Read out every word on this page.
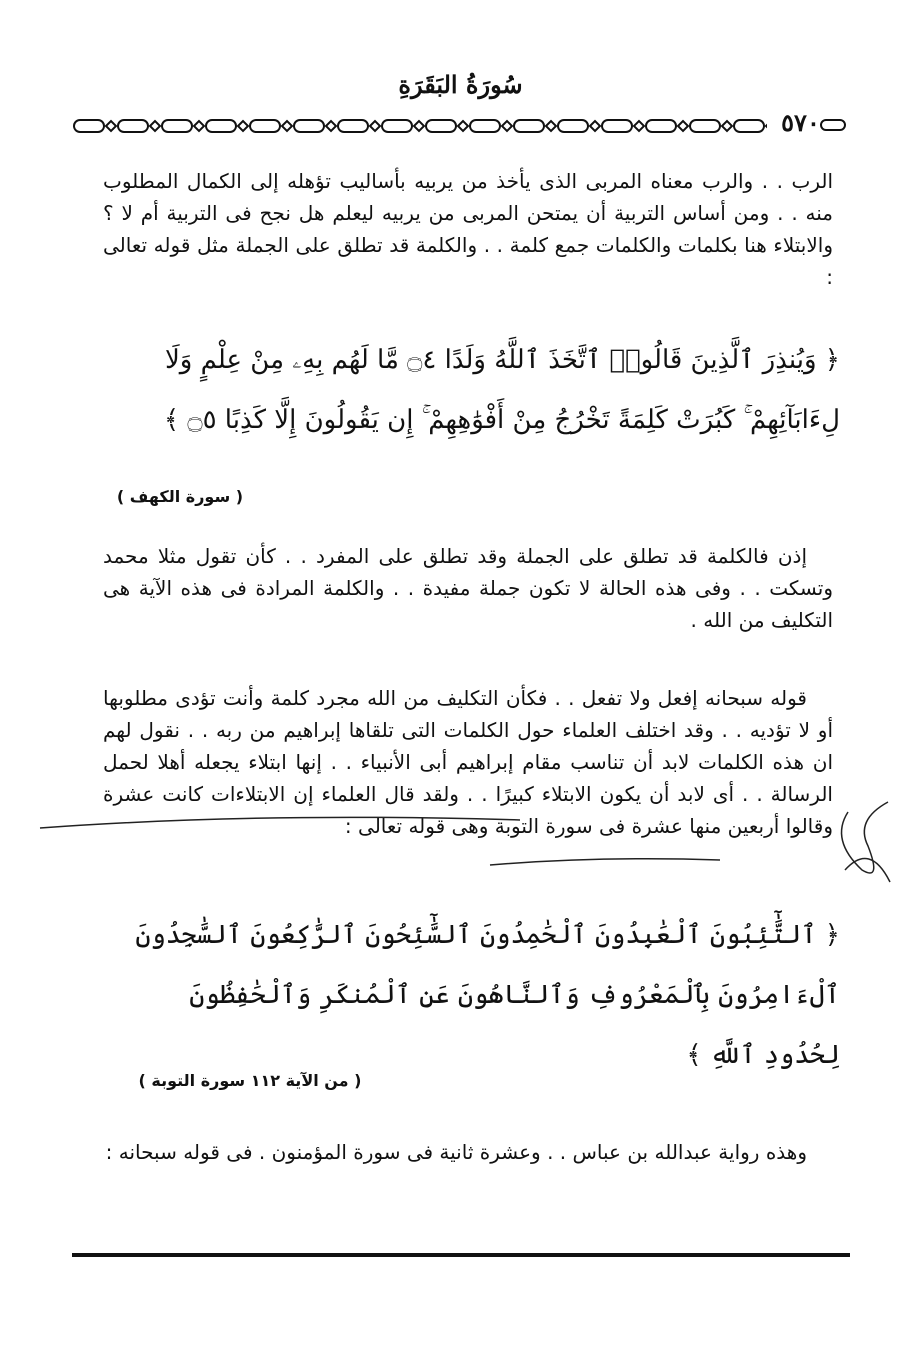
سُورَةُ البَقَرَةِ
٥٧٠
الرب . . والرب معناه المربى الذى يأخذ من يربيه بأساليب تؤهله إلى الكمال المطلوب منه . . ومن أساس التربية أن يمتحن المربى من يربيه ليعلم هل نجح فى التربية أم لا ؟ والابتلاء هنا بكلمات والكلمات جمع كلمة . . والكلمة قد تطلق على الجملة مثل قوله تعالى :
﴿ وَيُنذِرَ ٱلَّذِينَ قَالُوا۟ ٱتَّخَذَ ٱللَّهُ وَلَدًا ۝٤ مَّا لَهُم بِهِۦ مِنْ عِلْمٍ وَلَا لِءَابَآئِهِمْ ۚ كَبُرَتْ كَلِمَةً تَخْرُجُ مِنْ أَفْوَٰهِهِمْ ۚ إِن يَقُولُونَ إِلَّا كَذِبًا ۝٥ ﴾
( سورة الكهف )
إذن فالكلمة قد تطلق على الجملة وقد تطلق على المفرد . . كأن تقول مثلا محمد وتسكت . . وفى هذه الحالة لا تكون جملة مفيدة . . والكلمة المرادة فى هذه الآية هى التكليف من الله .
قوله سبحانه إفعل ولا تفعل . . فكأن التكليف من الله مجرد كلمة وأنت تؤدى مطلوبها أو لا تؤديه . . وقد اختلف العلماء حول الكلمات التى تلقاها إبراهيم من ربه . . نقول لهم ان هذه الكلمات لابد أن تناسب مقام إبراهيم أبى الأنبياء . . إنها ابتلاء يجعله أهلا لحمل الرسالة . . أى لابد أن يكون الابتلاء كبيرًا . . ولقد قال العلماء إن الابتلاءات كانت عشرة وقالوا أربعين منها عشرة فى سورة التوبة وهى قوله تعالى :
﴿ ٱلتَّٰٓئِبُونَ ٱلْعَٰبِدُونَ ٱلْحَٰمِدُونَ ٱلسَّٰٓئِحُونَ ٱلرَّٰكِعُونَ ٱلسَّٰجِدُونَ ٱلْءَامِرُونَ بِٱلْمَعْرُوفِ وَٱلنَّاهُونَ عَنِ ٱلْمُنكَرِ وَٱلْحَٰفِظُونَ لِحُدُودِ ٱللَّهِ ﴾
( من الآية ١١٢ سورة التوبة )
وهذه رواية عبدالله بن عباس . . وعشرة ثانية فى سورة المؤمنون . فى قوله سبحانه :
